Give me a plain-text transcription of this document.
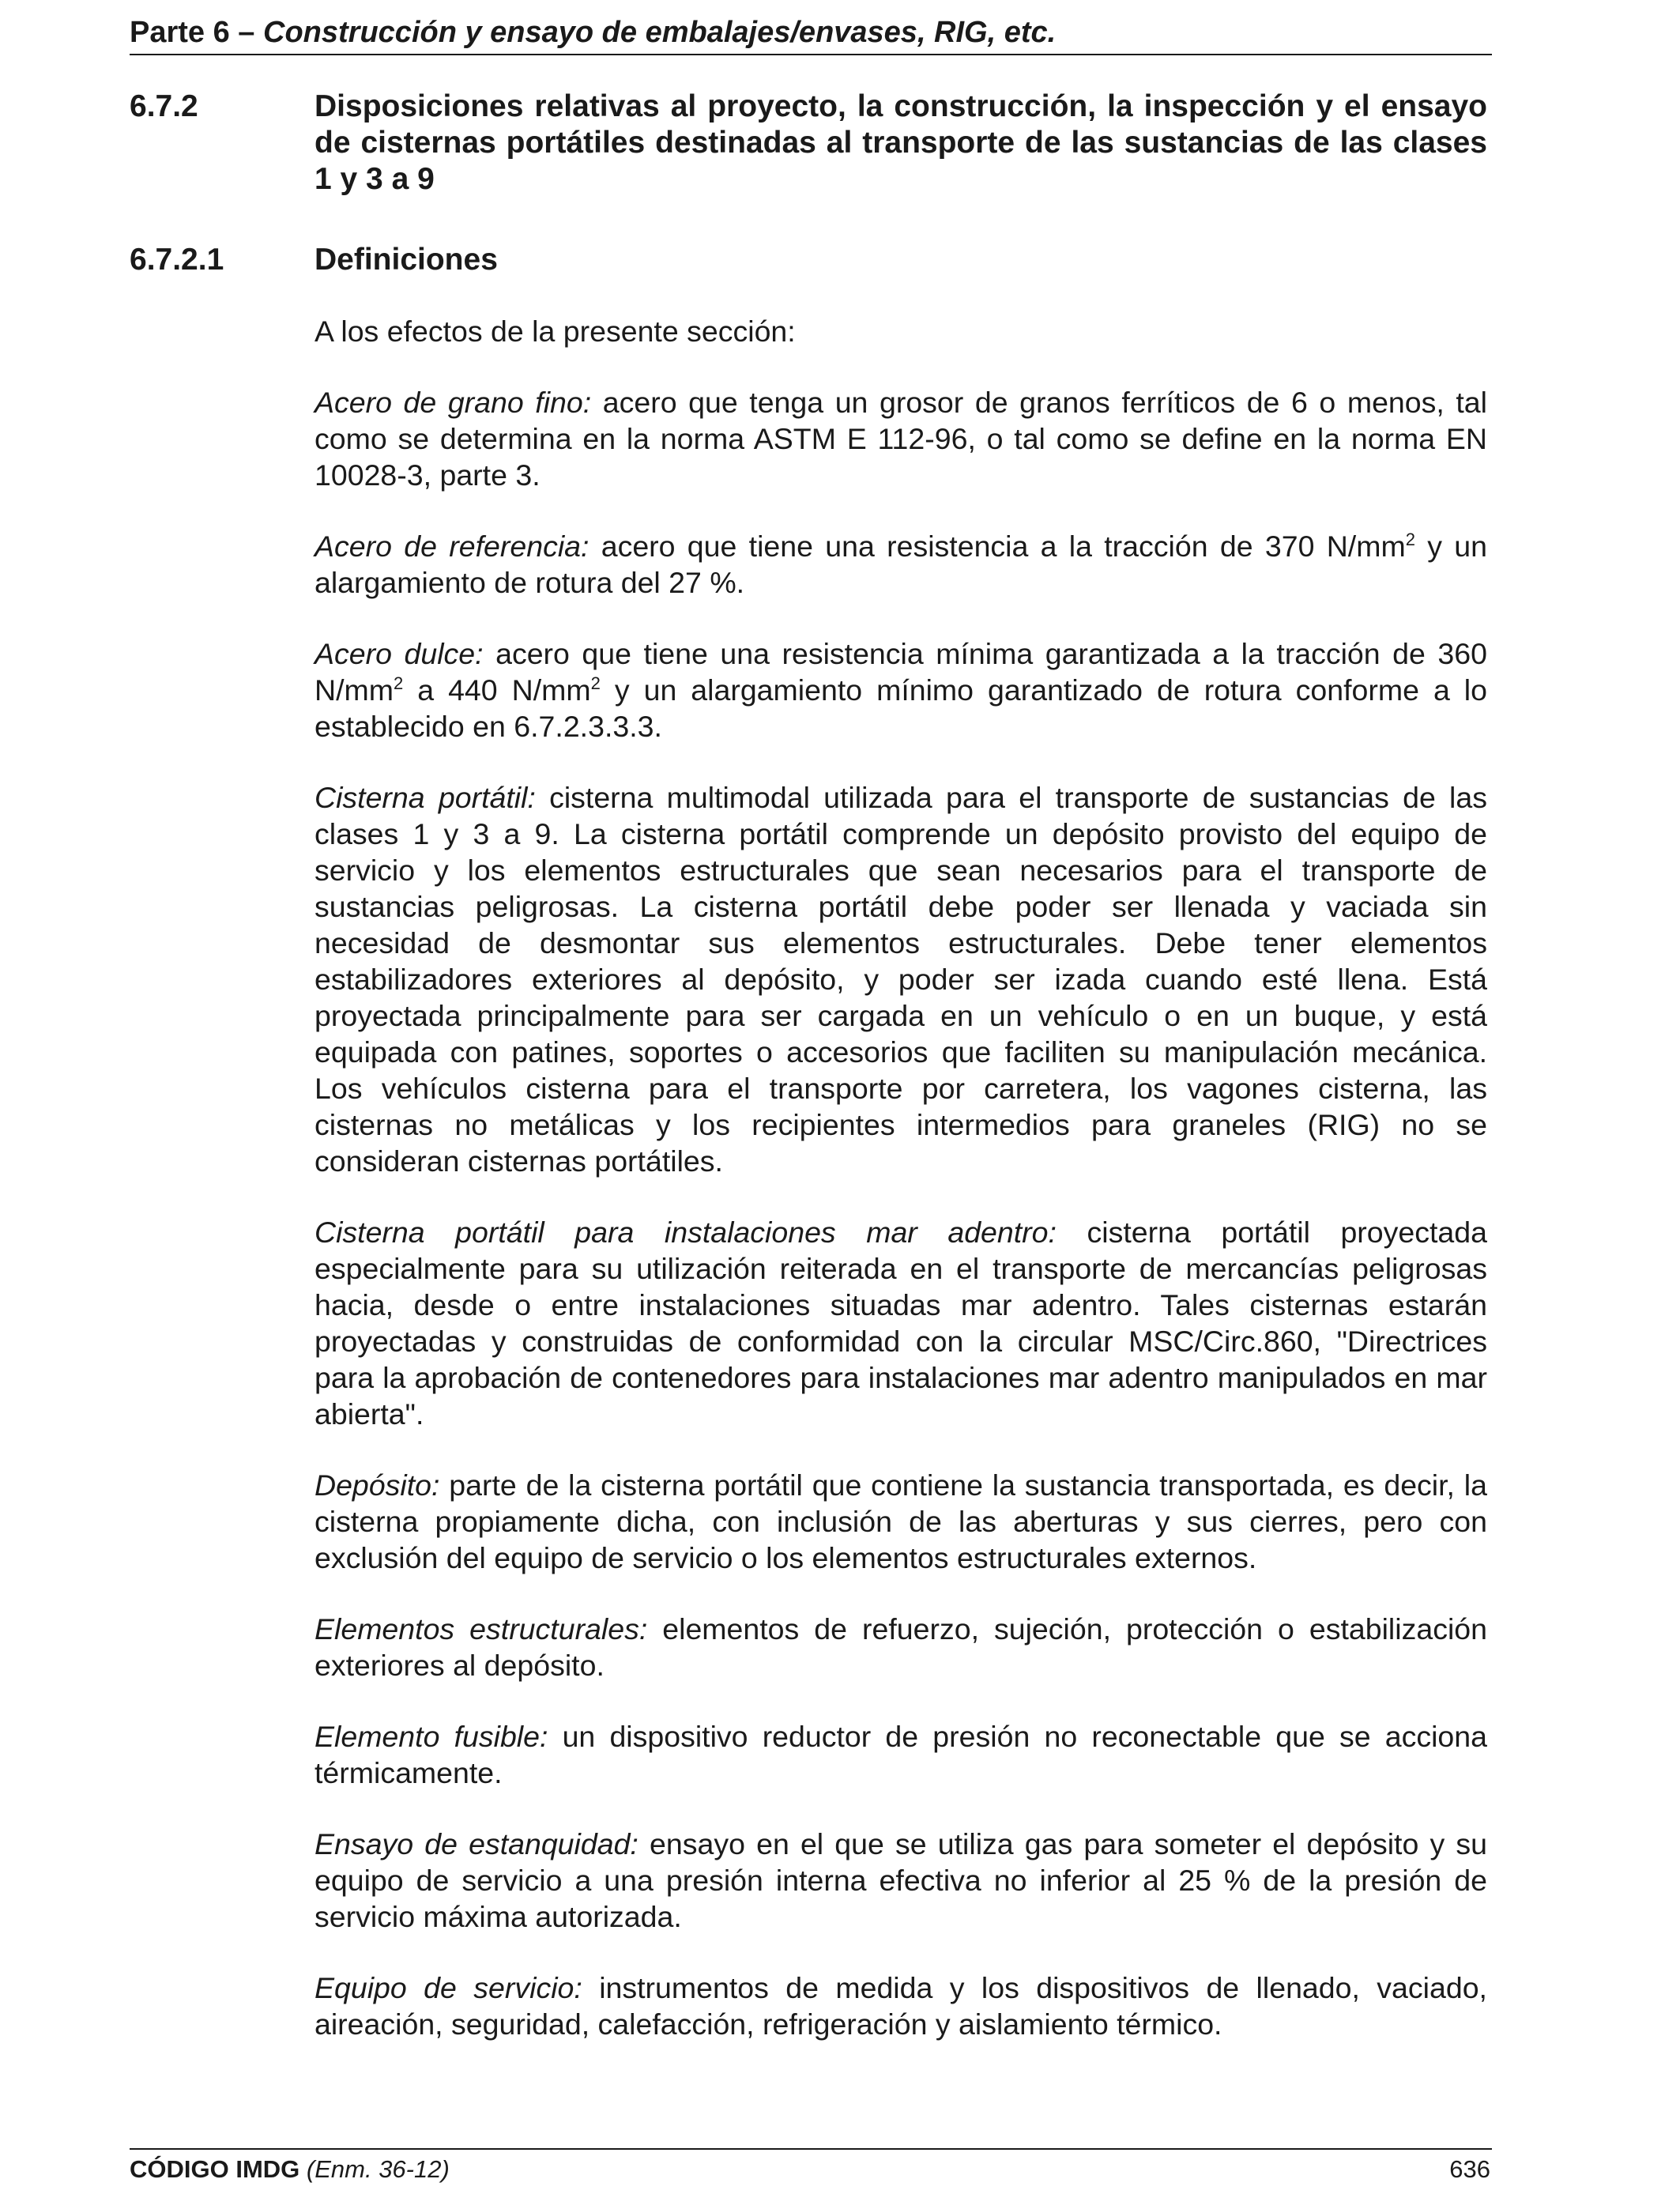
Parte 6 – Construcción y ensayo de embalajes/envases, RIG, etc.
6.7.2	Disposiciones relativas al proyecto, la construcción, la inspección y el ensayo de cisternas portátiles destinadas al transporte de las sustancias de las clases 1 y 3 a 9
6.7.2.1	Definiciones

A los efectos de la presente sección:

Acero de grano fino: acero que tenga un grosor de granos ferríticos de 6 o menos, tal como se determina en la norma ASTM E 112-96, o tal como se define en la norma EN 10028-3, parte 3.

Acero de referencia: acero que tiene una resistencia a la tracción de 370 $N/mm^2$ y un alargamiento de rotura del 27 %.

Acero dulce: acero que tiene una resistencia mínima garantizada a la tracción de 360 $N/mm^2$ a 440 $N/mm^2$ y un alargamiento mínimo garantizado de rotura conforme a lo establecido en 6.7.2.3.3.3.

Cisterna portátil: cisterna multimodal utilizada para el transporte de sustancias de las clases 1 y 3 a 9. La cisterna portátil comprende un depósito provisto del equipo de servicio y los elementos estructurales que sean necesarios para el transporte de sustancias peligrosas. La cisterna portátil debe poder ser llenada y vaciada sin necesidad de desmontar sus elementos estructurales. Debe tener elementos estabilizadores exteriores al depósito, y poder ser izada cuando esté llena. Está proyectada principalmente para ser cargada en un vehículo o en un buque, y está equipada con patines, soportes o accesorios que faciliten su manipulación mecánica. Los vehículos cisterna para el transporte por carretera, los vagones cisterna, las cisternas no metálicas y los recipientes intermedios para graneles (RIG) no se consideran cisternas portátiles.

Cisterna portátil para instalaciones mar adentro: cisterna portátil proyectada especialmente para su utilización reiterada en el transporte de mercancías peligrosas hacia, desde o entre instalaciones situadas mar adentro. Tales cisternas estarán proyectadas y construidas de conformidad con la circular MSC/Circ.860, "Directrices para la aprobación de contenedores para instalaciones mar adentro manipulados en mar abierta".

Depósito: parte de la cisterna portátil que contiene la sustancia transportada, es decir, la cisterna propiamente dicha, con inclusión de las aberturas y sus cierres, pero con exclusión del equipo de servicio o los elementos estructurales externos.

Elementos estructurales: elementos de refuerzo, sujeción, protección o estabilización exteriores al depósito.

Elemento fusible: un dispositivo reductor de presión no reconectable que se acciona térmicamente.

Ensayo de estanquidad: ensayo en el que se utiliza gas para someter el depósito y su equipo de servicio a una presión interna efectiva no inferior al 25 % de la presión de servicio máxima autorizada.

Equipo de servicio: instrumentos de medida y los dispositivos de llenado, vaciado, aireación, seguridad, calefacción, refrigeración y aislamiento térmico.

CÓDIGO IMDG (Enm. 36-12)	636
